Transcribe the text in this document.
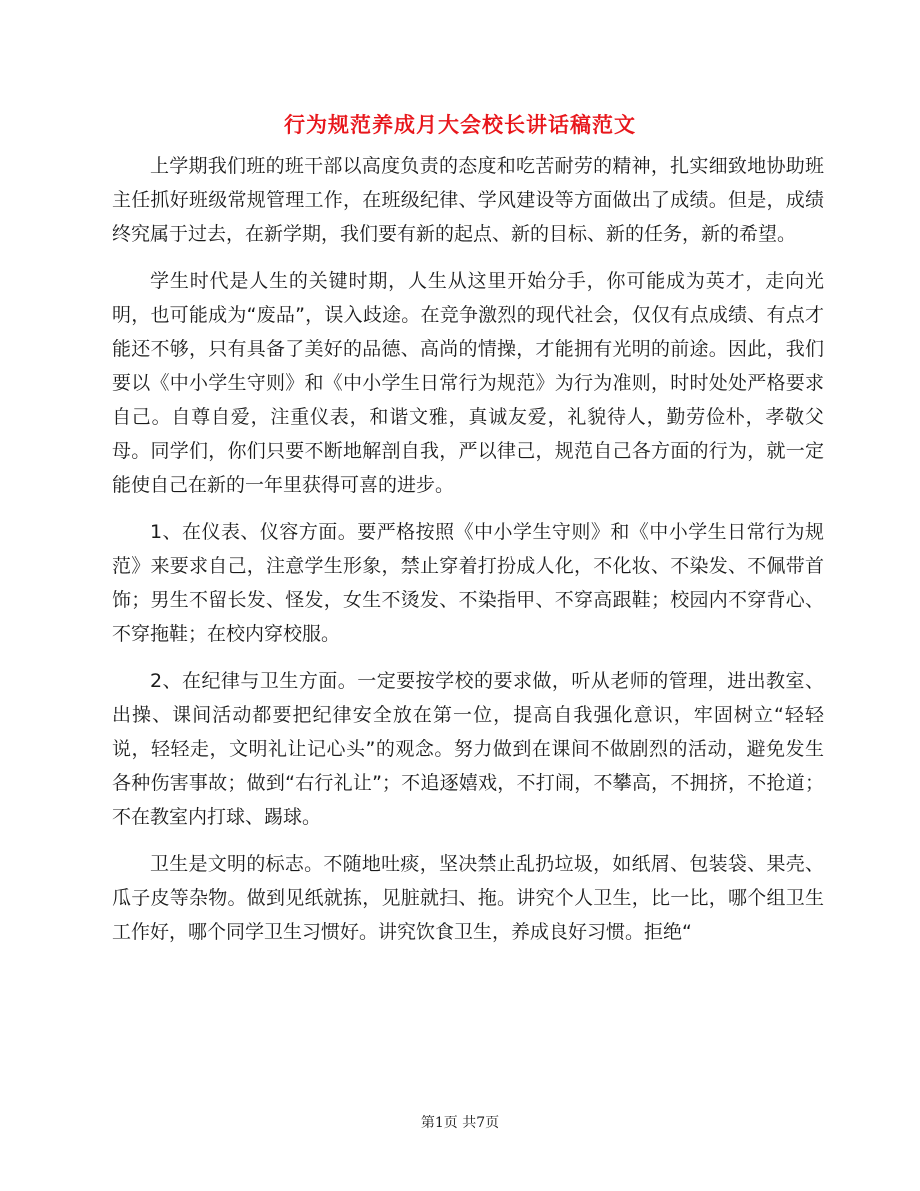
行为规范养成月大会校长讲话稿范文

上学期我们班的班干部以高度负责的态度和吃苦耐劳的精神，扎实细致地协助班主任抓好班级常规管理工作，在班级纪律、学风建设等方面做出了成绩。但是，成绩终究属于过去，在新学期，我们要有新的起点、新的目标、新的任务，新的希望。

学生时代是人生的关键时期，人生从这里开始分手，你可能成为英才，走向光明，也可能成为“废品”，误入歧途。在竞争激烈的现代社会，仅仅有点成绩、有点才能还不够，只有具备了美好的品德、高尚的情操，才能拥有光明的前途。因此，我们要以《中小学生守则》和《中小学生日常行为规范》为行为准则，时时处处严格要求自己。自尊自爱，注重仪表，和谐文雅，真诚友爱，礼貌待人，勤劳俭朴，孝敬父母。同学们，你们只要不断地解剖自我，严以律己，规范自己各方面的行为，就一定能使自己在新的一年里获得可喜的进步。

1、在仪表、仪容方面。要严格按照《中小学生守则》和《中小学生日常行为规范》来要求自己，注意学生形象，禁止穿着打扮成人化，不化妆、不染发、不佩带首饰；男生不留长发、怪发，女生不烫发、不染指甲、不穿高跟鞋；校园内不穿背心、不穿拖鞋；在校内穿校服。

2、在纪律与卫生方面。一定要按学校的要求做，听从老师的管理，进出教室、出操、课间活动都要把纪律安全放在第一位，提高自我强化意识，牢固树立“轻轻说，轻轻走，文明礼让记心头”的观念。努力做到在课间不做剧烈的活动，避免发生各种伤害事故；做到“右行礼让”；不追逐嬉戏，不打闹，不攀高，不拥挤，不抢道；不在教室内打球、踢球。

卫生是文明的标志。不随地吐痰，坚决禁止乱扔垃圾，如纸屑、包装袋、果壳、瓜子皮等杂物。做到见纸就拣，见脏就扫、拖。讲究个人卫生，比一比，哪个组卫生工作好，哪个同学卫生习惯好。讲究饮食卫生，养成良好习惯。拒绝“

第1页 共7页
